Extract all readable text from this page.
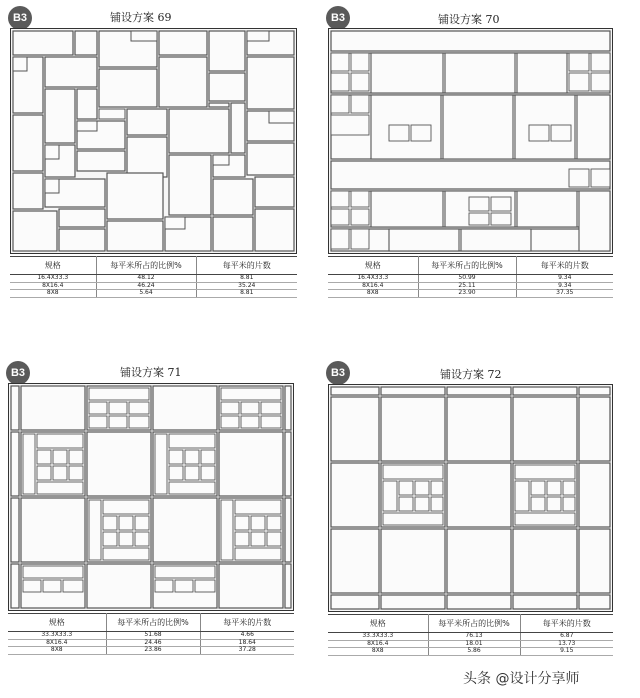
B3	铺设方案 69
规格	每平米所占的比例%	每平米的片数
16.4X33.3	48.12	8.81
8X16.4	46.24	35.24
8X8	5.64	8.81
B3	铺设方案 70
规格	每平米所占的比例%	每平米的片数
16.4X33.3	50.99	9.34
8X16.4	25.11	9.34
8X8	23.90	37.35
B3	铺设方案 71
规格	每平米所占的比例%	每平米的片数
33.3X33.3	51.68	4.66
8X16.4	24.46	18.64
8X8	23.86	37.28
B3	铺设方案 72
规格	每平米所占的比例%	每平米的片数
33.3X33.3	76.13	6.87
8X16.4	18.01	13.73
8X8	5.86	9.15
头条 @设计分享师
